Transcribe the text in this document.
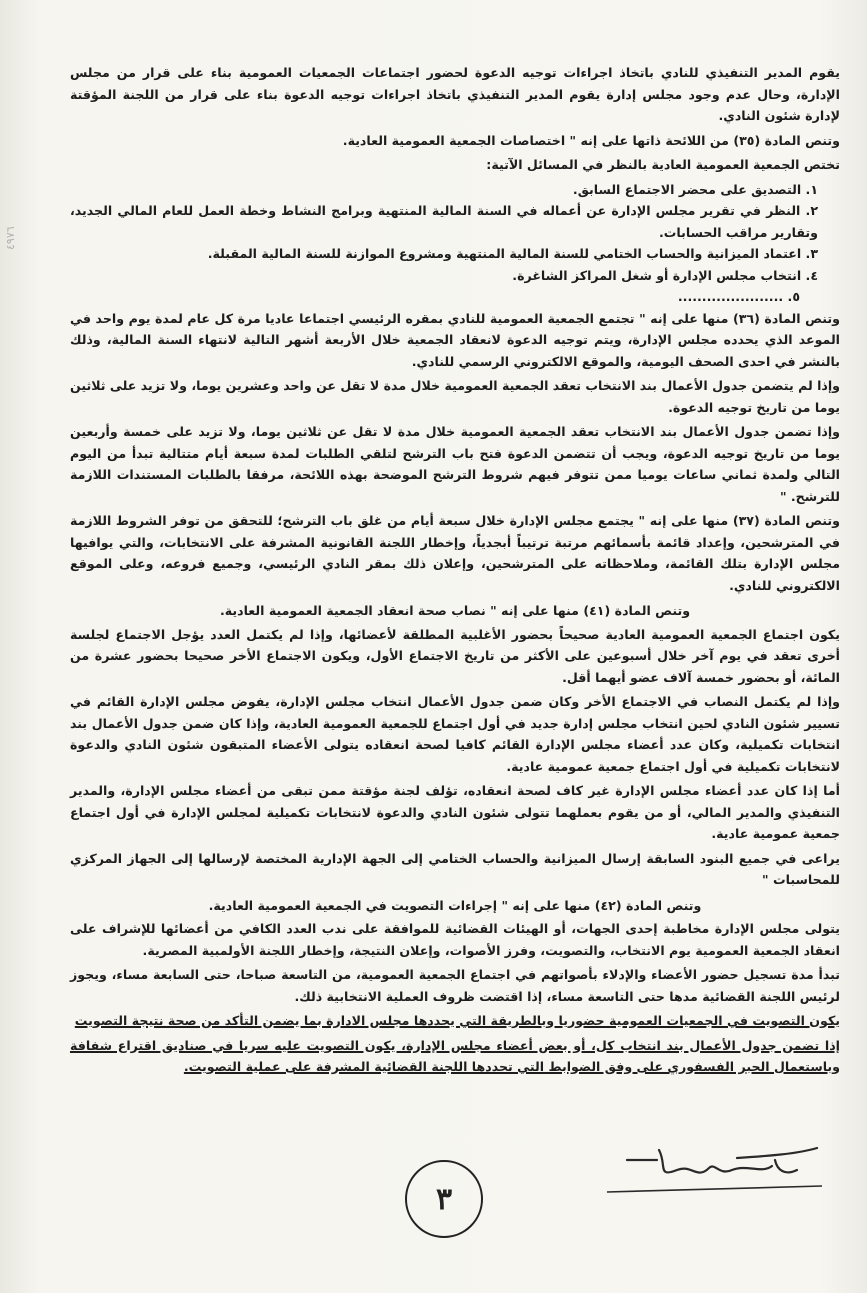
٤٩٧٦

يقوم المدير التنفيذي للنادي باتخاذ اجراءات توجيه الدعوة لحضور اجتماعات الجمعيات العمومية بناء على قرار من مجلس الإدارة، وحال عدم وجود مجلس إدارة يقوم المدير التنفيذي باتخاذ اجراءات توجيه الدعوة بناء على قرار من اللجنة المؤقتة لإدارة شئون النادي.

وتنص المادة (٣٥) من اللائحة ذاتها على إنه " اختصاصات الجمعية العمومية العادية.

تختص الجمعية العمومية العادية بالنظر في المسائل الآتية:

١. التصديق على محضر الاجتماع السابق.

٢. النظر في تقرير مجلس الإدارة عن أعماله في السنة المالية المنتهية وبرامج النشاط وخطة العمل للعام المالي الجديد، وتقارير مراقب الحسابات.

٣. اعتماد الميزانية والحساب الختامي للسنة المالية المنتهية ومشروع الموازنة للسنة المالية المقبلة.

٤. انتخاب مجلس الإدارة أو شغل المراكز الشاغرة.

٥. ......................

وتنص المادة (٣٦) منها على إنه " تجتمع الجمعية العمومية للنادي بمقره الرئيسي اجتماعا عاديا مرة كل عام لمدة يوم واحد في الموعد الذي يحدده مجلس الإدارة، ويتم توجيه الدعوة لانعقاد الجمعية خلال الأربعة أشهر التالية لانتهاء السنة المالية، وذلك بالنشر في احدى الصحف اليومية، والموقع الالكتروني الرسمي للنادي.

وإذا لم يتضمن جدول الأعمال بند الانتخاب تعقد الجمعية العمومية خلال مدة لا تقل عن واحد وعشرين يوما، ولا تزيد على ثلاثين يوما من تاريخ توجيه الدعوة.

وإذا تضمن جدول الأعمال بند الانتخاب تعقد الجمعية العمومية خلال مدة لا تقل عن ثلاثين يوما، ولا تزيد على خمسة وأربعين يوما من تاريخ توجيه الدعوة، ويجب أن تتضمن الدعوة فتح باب الترشح لتلقي الطلبات لمدة سبعة أيام متتالية تبدأ من اليوم التالي ولمدة ثماني ساعات يوميا ممن تتوفر فيهم شروط الترشح الموضحة بهذه اللائحة، مرفقا بالطلبات المستندات اللازمة للترشح. "

وتنص المادة (٣٧) منها على إنه " يجتمع مجلس الإدارة خلال سبعة أيام من غلق باب الترشح؛ للتحقق من توفر الشروط اللازمة في المترشحين، وإعداد قائمة بأسمائهم مرتبة ترتيباً أبجدياً، وإخطار اللجنة القانونية المشرفة على الانتخابات، والتي يوافيها مجلس الإدارة بتلك القائمة، وملاحظاته على المترشحين، وإعلان ذلك بمقر النادي الرئيسي، وجميع فروعه، وعلى الموقع الالكتروني للنادي.

وتنص المادة (٤١) منها على إنه " نصاب صحة انعقاد الجمعية العمومية العادية.

يكون اجتماع الجمعية العمومية العادية صحيحاً بحضور الأغلبية المطلقة لأعضائها، وإذا لم يكتمل العدد يؤجل الاجتماع لجلسة أخرى تعقد في يوم آخر خلال أسبوعين على الأكثر من تاريخ الاجتماع الأول، ويكون الاجتماع الأخر صحيحا بحضور عشرة من المائة، أو بحضور خمسة آلاف عضو أيهما أقل.

وإذا لم يكتمل النصاب في الاجتماع الأخر وكان ضمن جدول الأعمال انتخاب مجلس الإدارة، يفوض مجلس الإدارة القائم في تسيير شئون النادي لحين انتخاب مجلس إدارة جديد في أول اجتماع للجمعية العمومية العادية، وإذا كان ضمن جدول الأعمال بند انتخابات تكميلية، وكان عدد أعضاء مجلس الإدارة القائم كافيا لصحة انعقاده يتولى الأعضاء المتبقون شئون النادي والدعوة لانتخابات تكميلية في أول اجتماع جمعية عمومية عادية.

أما إذا كان عدد أعضاء مجلس الإدارة غير كاف لصحة انعقاده، تؤلف لجنة مؤقتة ممن تبقى من أعضاء مجلس الإدارة، والمدير التنفيذي والمدير المالي، أو من يقوم بعملهما تتولى شئون النادي والدعوة لانتخابات تكميلية لمجلس الإدارة في أول اجتماع جمعية عمومية عادية.

يراعى في جميع البنود السابقة إرسال الميزانية والحساب الختامي إلى الجهة الإدارية المختصة لإرسالها إلى الجهاز المركزي للمحاسبات "

وتنص المادة (٤٢) منها على إنه " إجراءات التصويت في الجمعية العمومية العادية.

يتولى مجلس الإدارة مخاطبة إحدى الجهات، أو الهيئات القضائية للموافقة على ندب العدد الكافي من أعضائها للإشراف على انعقاد الجمعية العمومية يوم الانتخاب، والتصويت، وفرز الأصوات، وإعلان النتيجة، وإخطار اللجنة الأولمبية المصرية.

تبدأ مدة تسجيل حضور الأعضاء والإدلاء بأصواتهم في اجتماع الجمعية العمومية، من التاسعة صباحا، حتى السابعة مساء، ويجوز لرئيس اللجنة القضائية مدها حتى التاسعة مساء، إذا اقتضت ظروف العملية الانتخابية ذلك.

يكون التصويت في الجمعيات العمومية حضوريا وبالطريقة التي يحددها مجلس الادارة بما يضمن التأكد من صحة نتيجة التصويت

إذا تضمن جدول الأعمال بند انتخاب كل، أو بعض أعضاء مجلس الإدارة، يكون التصويت عليه سريا في صناديق اقتراع شفافة وباستعمال الحبر الفسفوري على وفق الضوابط التي تحددها اللجنة القضائية المشرفة على عملية التصويت.

٣
